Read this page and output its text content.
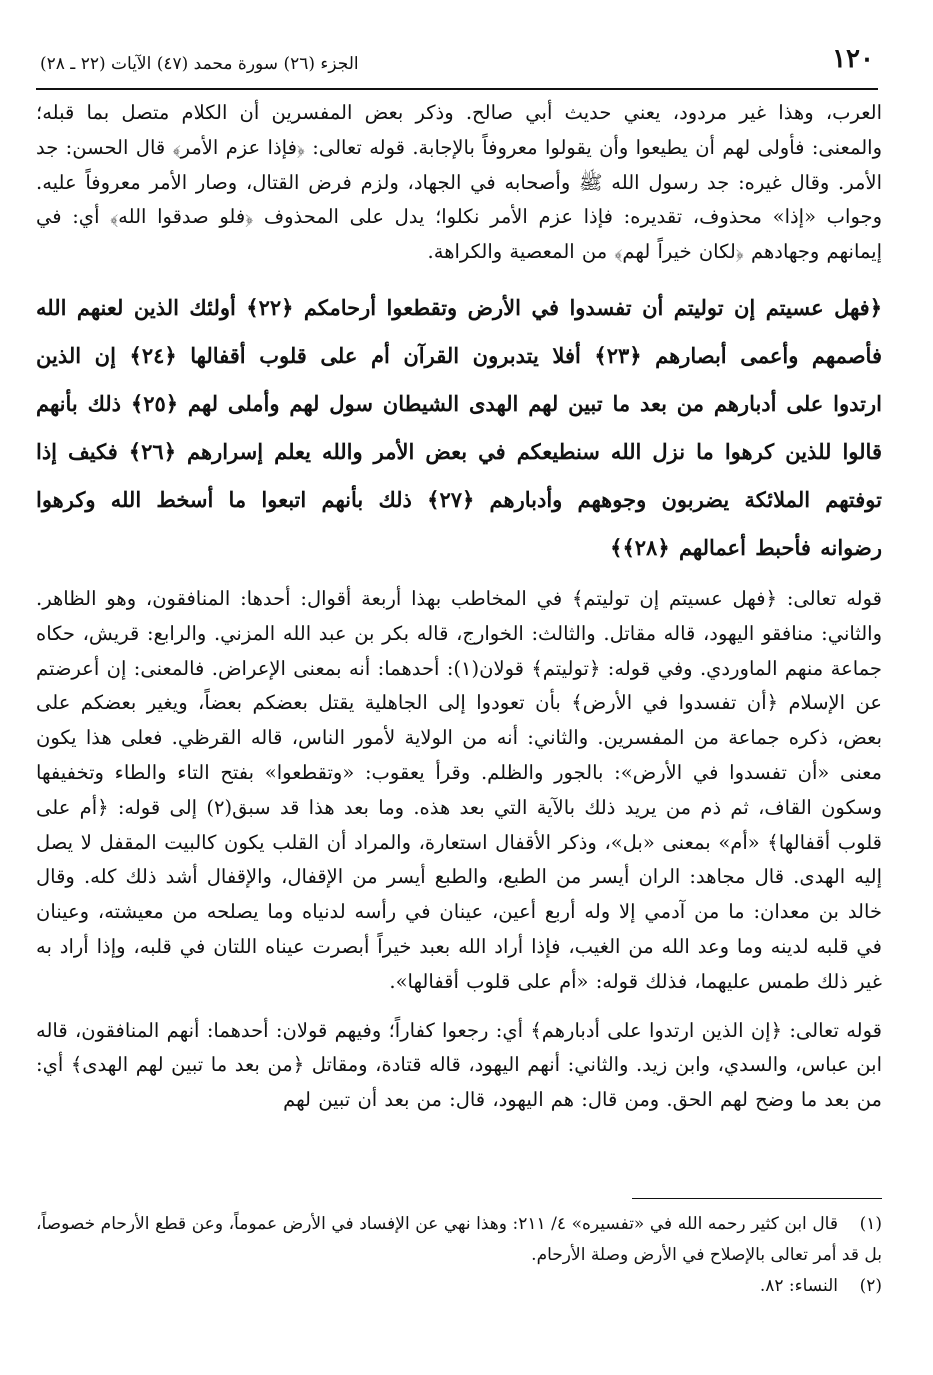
١٢٠
الجزء (٢٦) سورة محمد (٤٧) الآيات (٢٢ ـ ٢٨)

العرب، وهذا غير مردود، يعني حديث أبي صالح. وذكر بعض المفسرين أن الكلام متصل بما قبله؛ والمعنى: فأولى لهم أن يطيعوا وأن يقولوا معروفاً بالإجابة. قوله تعالى: ﴿فإذا عزم الأمر﴾ قال الحسن: جد الأمر. وقال غيره: جد رسول الله ﷺ وأصحابه في الجهاد، ولزم فرض القتال، وصار الأمر معروفاً عليه. وجواب «إذا» محذوف، تقديره: فإذا عزم الأمر نكلوا؛ يدل على المحذوف ﴿فلو صدقوا الله﴾ أي: في إيمانهم وجهادهم ﴿لكان خيراً لهم﴾ من المعصية والكراهة.

﴿فهل عسيتم إن توليتم أن تفسدوا في الأرض وتقطعوا أرحامكم ﴿٢٢﴾ أولئك الذين لعنهم الله فأصمهم وأعمى أبصارهم ﴿٢٣﴾ أفلا يتدبرون القرآن أم على قلوب أقفالها ﴿٢٤﴾ إن الذين ارتدوا على أدبارهم من بعد ما تبين لهم الهدى الشيطان سول لهم وأملى لهم ﴿٢٥﴾ ذلك بأنهم قالوا للذين كرهوا ما نزل الله سنطيعكم في بعض الأمر والله يعلم إسرارهم ﴿٢٦﴾ فكيف إذا توفتهم الملائكة يضربون وجوههم وأدبارهم ﴿٢٧﴾ ذلك بأنهم اتبعوا ما أسخط الله وكرهوا رضوانه فأحبط أعمالهم ﴿٢٨﴾﴾

قوله تعالى: ﴿فهل عسيتم إن توليتم﴾ في المخاطب بهذا أربعة أقوال: أحدها: المنافقون، وهو الظاهر. والثاني: منافقو اليهود، قاله مقاتل. والثالث: الخوارج، قاله بكر بن عبد الله المزني. والرابع: قريش، حكاه جماعة منهم الماوردي. وفي قوله: ﴿توليتم﴾ قولان(١): أحدهما: أنه بمعنى الإعراض. فالمعنى: إن أعرضتم عن الإسلام ﴿أن تفسدوا في الأرض﴾ بأن تعودوا إلى الجاهلية يقتل بعضكم بعضاً، ويغير بعضكم على بعض، ذكره جماعة من المفسرين. والثاني: أنه من الولاية لأمور الناس، قاله القرظي. فعلى هذا يكون معنى «أن تفسدوا في الأرض»: بالجور والظلم. وقرأ يعقوب: «وتقطعوا» بفتح التاء والطاء وتخفيفها وسكون القاف، ثم ذم من يريد ذلك بالآية التي بعد هذه. وما بعد هذا قد سبق(٢) إلى قوله: ﴿أم على قلوب أقفالها﴾ «أم» بمعنى «بل»، وذكر الأقفال استعارة، والمراد أن القلب يكون كالبيت المقفل لا يصل إليه الهدى. قال مجاهد: الران أيسر من الطبع، والطبع أيسر من الإقفال، والإقفال أشد ذلك كله. وقال خالد بن معدان: ما من آدمي إلا وله أربع أعين، عينان في رأسه لدنياه وما يصلحه من معيشته، وعينان في قلبه لدينه وما وعد الله من الغيب، فإذا أراد الله بعبد خيراً أبصرت عيناه اللتان في قلبه، وإذا أراد به غير ذلك طمس عليهما، فذلك قوله: «أم على قلوب أقفالها».

قوله تعالى: ﴿إن الذين ارتدوا على أدبارهم﴾ أي: رجعوا كفاراً؛ وفيهم قولان: أحدهما: أنهم المنافقون، قاله ابن عباس، والسدي، وابن زيد. والثاني: أنهم اليهود، قاله قتادة، ومقاتل ﴿من بعد ما تبين لهم الهدى﴾ أي: من بعد ما وضح لهم الحق. ومن قال: هم اليهود، قال: من بعد أن تبين لهم

(١)قال ابن كثير رحمه الله في «تفسيره» ٤/ ٢١١: وهذا نهي عن الإفساد في الأرض عموماً، وعن قطع الأرحام خصوصاً، بل قد أمر تعالى بالإصلاح في الأرض وصلة الأرحام.

(٢)النساء: ٨٢.
